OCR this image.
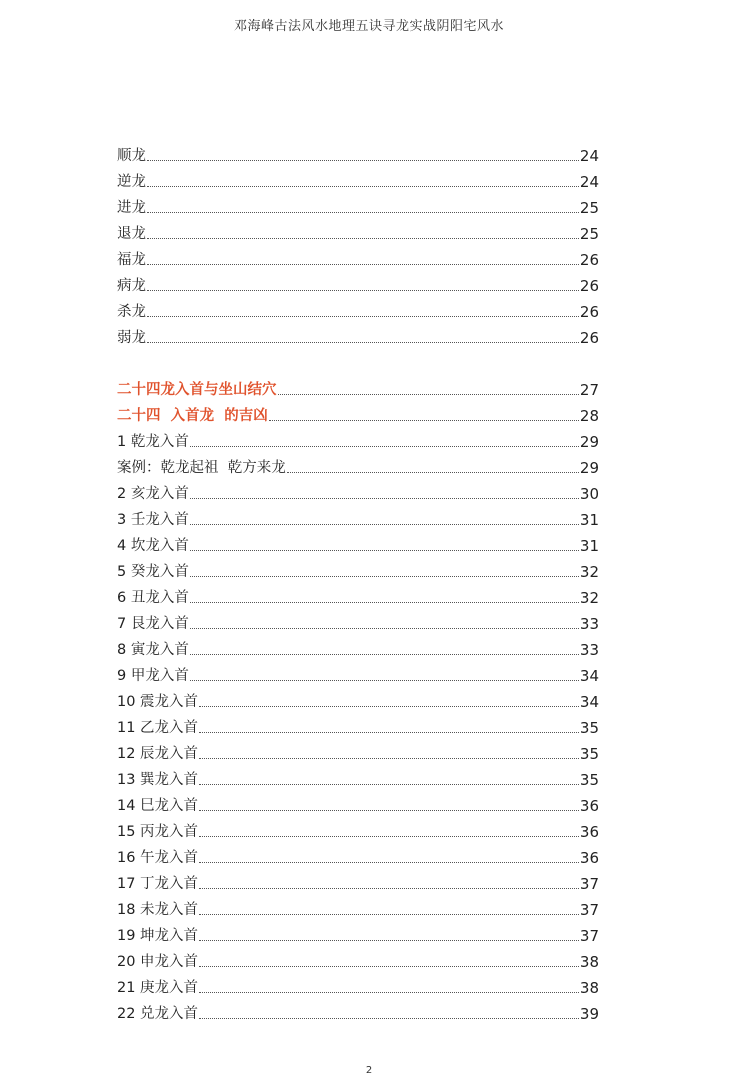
邓海峰古法风水地理五诀寻龙实战阴阳宅风水
顺龙	24
逆龙	24
进龙	25
退龙	25
福龙	26
病龙	26
杀龙	26
弱龙	26
二十四龙入首与坐山结穴	27
二十四  入首龙  的吉凶	28
1 乾龙入首	29
案例：乾龙起祖  乾方来龙	29
2 亥龙入首	30
3 壬龙入首	31
4 坎龙入首	31
5 癸龙入首	32
6 丑龙入首	32
7 艮龙入首	33
8 寅龙入首	33
9 甲龙入首	34
10 震龙入首	34
11 乙龙入首	35
12 辰龙入首	35
13 巽龙入首	35
14 巳龙入首	36
15 丙龙入首	36
16 午龙入首	36
17 丁龙入首	37
18 未龙入首	37
19 坤龙入首	37
20 申龙入首	38
21 庚龙入首	38
22 兑龙入首	39
2
